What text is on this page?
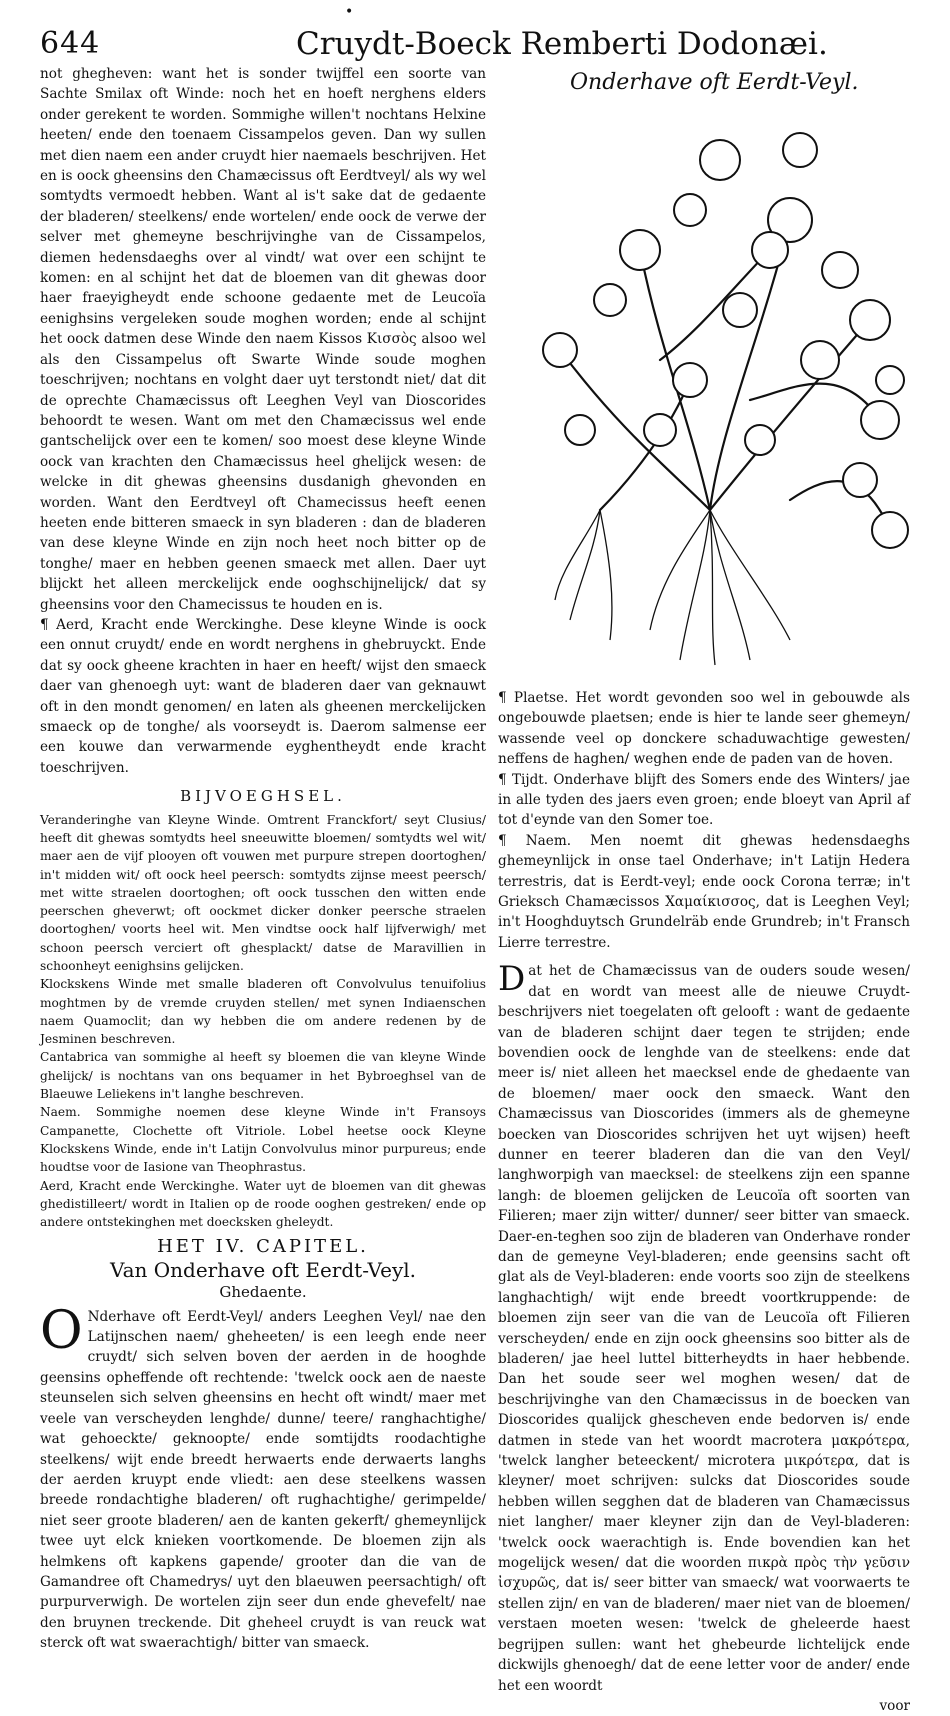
•
644	Cruydt-Boeck Remberti Dodonæi.

not ghegheven: want het is sonder twijffel een soorte van Sachte Smilax oft Winde: noch het en hoeft nerghens elders onder gerekent te worden. Sommighe willen't nochtans Helxine heeten/ ende den toenaem Cissampelos geven. Dan wy sullen met dien naem een ander cruydt hier naemaels beschrijven. Het en is oock gheensins den Chamæcissus oft Eerdtveyl/ als wy wel somtydts vermoedt hebben. Want al is't sake dat de gedaente der bladeren/ steelkens/ ende wortelen/ ende oock de verwe der selver met ghemeyne beschrijvinghe van de Cissampelos, diemen hedensdaeghs over al vindt/ wat over een schijnt te komen: en al schijnt het dat de bloemen van dit ghewas door haer fraeyigheydt ende schoone gedaente met de Leucoïa eenighsins vergeleken soude moghen worden; ende al schijnt het oock datmen dese Winde den naem Kissos Κισσὸς alsoo wel als den Cissampelus oft Swarte Winde soude moghen toeschrijven; nochtans en volght daer uyt terstondt niet/ dat dit de oprechte Chamæcissus oft Leeghen Veyl van Dioscorides behoordt te wesen. Want om met den Chamæcissus wel ende gantschelijck over een te komen/ soo moest dese kleyne Winde oock van krachten den Chamæcissus heel ghelijck wesen: de welcke in dit ghewas gheensins dusdanigh ghevonden en worden. Want den Eerdtveyl oft Chamecissus heeft eenen heeten ende bitteren smaeck in syn bladeren : dan de bladeren van dese kleyne Winde en zijn noch heet noch bitter op de tonghe/ maer en hebben geenen smaeck met allen. Daer uyt blijckt het alleen merckelijck ende ooghschijnelijck/ dat sy gheensins voor den Chamecissus te houden en is.

¶ Aerd, Kracht ende Werckinghe. Dese kleyne Winde is oock een onnut cruydt/ ende en wordt nerghens in ghebruyckt. Ende dat sy oock gheene krachten in haer en heeft/ wijst den smaeck daer van ghenoegh uyt: want de bladeren daer van geknauwt oft in den mondt genomen/ en laten als gheenen merckelijcken smaeck op de tonghe/ als voorseydt is. Daerom salmense eer een kouwe dan verwarmende eyghentheydt ende kracht toeschrijven.

BIJVOEGHSEL.

Veranderinghe van Kleyne Winde. Omtrent Franckfort/ seyt Clusius/ heeft dit ghewas somtydts heel sneeuwitte bloemen/ somtydts wel wit/ maer aen de vijf plooyen oft vouwen met purpure strepen doortoghen/ in't midden wit/ oft oock heel peersch: somtydts zijnse meest peersch/ met witte straelen doortoghen; oft oock tusschen den witten ende peerschen gheverwt; oft oockmet dicker donker peersche straelen doortoghen/ voorts heel wit. Men vindtse oock half lijfverwigh/ met schoon peersch verciert oft ghesplackt/ datse de Maravillien in schoonheyt eenighsins gelijcken.

Klockskens Winde met smalle bladeren oft Convolvulus tenuifolius moghtmen by de vremde cruyden stellen/ met synen Indiaenschen naem Quamoclit; dan wy hebben die om andere redenen by de Jesminen beschreven.

Cantabrica van sommighe al heeft sy bloemen die van kleyne Winde ghelijck/ is nochtans van ons bequamer in het Bybroeghsel van de Blaeuwe Leliekens in't langhe beschreven.

Naem. Sommighe noemen dese kleyne Winde in't Fransoys Campanette, Clochette oft Vitriole. Lobel heetse oock Kleyne Klockskens Winde, ende in't Latijn Convolvulus minor purpureus; ende houdtse voor de Iasione van Theophrastus.

Aerd, Kracht ende Werckinghe. Water uyt de bloemen van dit ghewas ghedistilleert/ wordt in Italien op de roode ooghen gestreken/ ende op andere ontstekinghen met doecksken gheleydt.

HET IV. CAPITEL.
Van Onderhave oft Eerdt-Veyl.
Ghedaente.

O Nderhave oft Eerdt-Veyl/ anders Leeghen Veyl/ nae den Latijnschen naem/ gheheeten/ is een leegh ende neer cruydt/ sich selven boven der aerden in de hooghde geensins opheffende oft rechtende: 'twelck oock aen de naeste steunselen sich selven gheensins en hecht oft windt/ maer met veele van verscheyden lenghde/ dunne/ teere/ ranghachtighe/ wat gehoeckte/ geknoopte/ ende somtijdts roodachtighe steelkens/ wijt ende breedt herwaerts ende derwaerts langhs der aerden kruypt ende vliedt: aen dese steelkens wassen breede rondachtighe bladeren/ oft rughachtighe/ gerimpelde/ niet seer groote bladeren/ aen de kanten gekerft/ ghemeynlijck twee uyt elck knieken voortkomende. De bloemen zijn als helmkens oft kapkens gapende/ grooter dan die van de Gamandree oft Chamedrys/ uyt den blaeuwen peersachtigh/ oft purpurverwigh. De wortelen zijn seer dun ende ghevefelt/ nae den bruynen treckende. Dit gheheel cruydt is van reuck wat sterck oft wat swaerachtigh/ bitter van smaeck.

Onderhave oft Eerdt-Veyl.

¶ Plaetse. Het wordt gevonden soo wel in gebouwde als ongebouwde plaetsen; ende is hier te lande seer ghemeyn/ wassende veel op donckere schaduwachtige gewesten/ neffens de haghen/ weghen ende de paden van de hoven.

¶ Tijdt. Onderhave blijft des Somers ende des Winters/ jae in alle tyden des jaers even groen; ende bloeyt van April af tot d'eynde van den Somer toe.

¶ Naem. Men noemt dit ghewas hedensdaeghs ghemeynlijck in onse tael Onderhave; in't Latijn Hedera terrestris, dat is Eerdt-veyl; ende oock Corona terræ; in't Grieksch Chamæcissos Χαμαίκισσος, dat is Leeghen Veyl; in't Hooghduytsch Grundelräb ende Grundreb; in't Fransch Lierre terrestre.

D at het de Chamæcissus van de ouders soude wesen/ dat en wordt van meest alle de nieuwe Cruydt-beschrijvers niet toegelaten oft gelooft : want de gedaente van de bladeren schijnt daer tegen te strijden; ende bovendien oock de lenghde van de steelkens: ende dat meer is/ niet alleen het maecksel ende de ghedaente van de bloemen/ maer oock den smaeck. Want den Chamæcissus van Dioscorides (immers als de ghemeyne boecken van Dioscorides schrijven het uyt wijsen) heeft dunner en teerer bladeren dan die van den Veyl/ langhworpigh van maecksel: de steelkens zijn een spanne langh: de bloemen gelijcken de Leucoïa oft soorten van Filieren; maer zijn witter/ dunner/ seer bitter van smaeck. Daer-en-teghen soo zijn de bladeren van Onderhave ronder dan de gemeyne Veyl-bladeren; ende geensins sacht oft glat als de Veyl-bladeren: ende voorts soo zijn de steelkens langhachtigh/ wijt ende breedt voortkruppende: de bloemen zijn seer van die van de Leucoïa oft Filieren verscheyden/ ende en zijn oock gheensins soo bitter als de bladeren/ jae heel luttel bitterheydts in haer hebbende. Dan het soude seer wel moghen wesen/ dat de beschrijvinghe van den Chamæcissus in de boecken van Dioscorides qualijck ghescheven ende bedorven is/ ende datmen in stede van het woordt macrotera μακρότερα, 'twelck langher beteeckent/ microtera μικρότερα, dat is kleyner/ moet schrijven: sulcks dat Dioscorides soude hebben willen segghen dat de bladeren van Chamæcissus niet langher/ maer kleyner zijn dan de Veyl-bladeren: 'twelck oock waerachtigh is. Ende bovendien kan het mogelijck wesen/ dat die woorden πικρὰ πρὸς τὴν γεῦσιν ἰσχυρῶς, dat is/ seer bitter van smaeck/ wat voorwaerts te stellen zijn/ en van de bladeren/ maer niet van de bloemen/ verstaen moeten wesen: 'twelck de gheleerde haest begrijpen sullen: want het ghebeurde lichtelijck ende dickwijls ghenoegh/ dat de eene letter voor de ander/ ende het een woordt

voor
